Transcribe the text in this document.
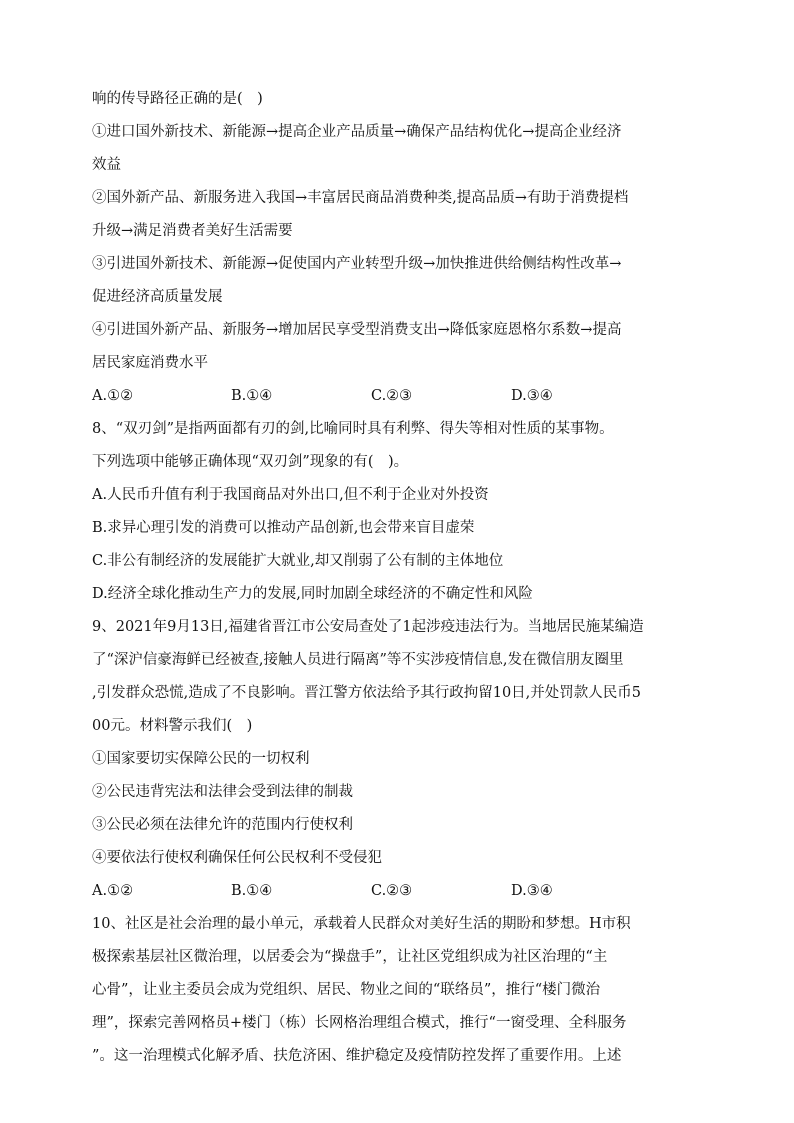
响的传导路径正确的是( )
①进口国外新技术、新能源→提高企业产品质量→确保产品结构优化→提高企业经济
效益
②国外新产品、新服务进入我国→丰富居民商品消费种类,提高品质→有助于消费提档
升级→满足消费者美好生活需要
③引进国外新技术、新能源→促使国内产业转型升级→加快推进供给侧结构性改革→
促进经济高质量发展
④引进国外新产品、新服务→增加居民享受型消费支出→降低家庭恩格尔系数→提高
居民家庭消费水平
A.①②	B.①④	C.②③	D.③④
8、“双刃剑”是指两面都有刃的剑,比喻同时具有利弊、得失等相对性质的某事物。
下列选项中能够正确体现“双刃剑”现象的有( )。
A.人民币升值有利于我国商品对外出口,但不利于企业对外投资
B.求异心理引发的消费可以推动产品创新,也会带来盲目虚荣
C.非公有制经济的发展能扩大就业,却又削弱了公有制的主体地位
D.经济全球化推动生产力的发展,同时加剧全球经济的不确定性和风险
9、2021年9月13日,福建省晋江市公安局查处了1起涉疫违法行为。当地居民施某编造
了“深沪信豪海鲜已经被查,接触人员进行隔离”等不实涉疫情信息,发在微信朋友圈里
,引发群众恐慌,造成了不良影响。晋江警方依法给予其行政拘留10日,并处罚款人民币5
00元。材料警示我们( )
①国家要切实保障公民的一切权利
②公民违背宪法和法律会受到法律的制裁
③公民必须在法律允许的范围内行使权利
④要依法行使权利确保任何公民权利不受侵犯
A.①②	B.①④	C.②③	D.③④
10、社区是社会治理的最小单元，承载着人民群众对美好生活的期盼和梦想。H市积
极探索基层社区微治理，以居委会为“操盘手”，让社区党组织成为社区治理的“主
心骨”，让业主委员会成为党组织、居民、物业之间的“联络员”，推行“楼门微治
理”，探索完善网格员+楼门（栋）长网格治理组合模式，推行“一窗受理、全科服务
”。这一治理模式化解矛盾、扶危济困、维护稳定及疫情防控发挥了重要作用。上述
